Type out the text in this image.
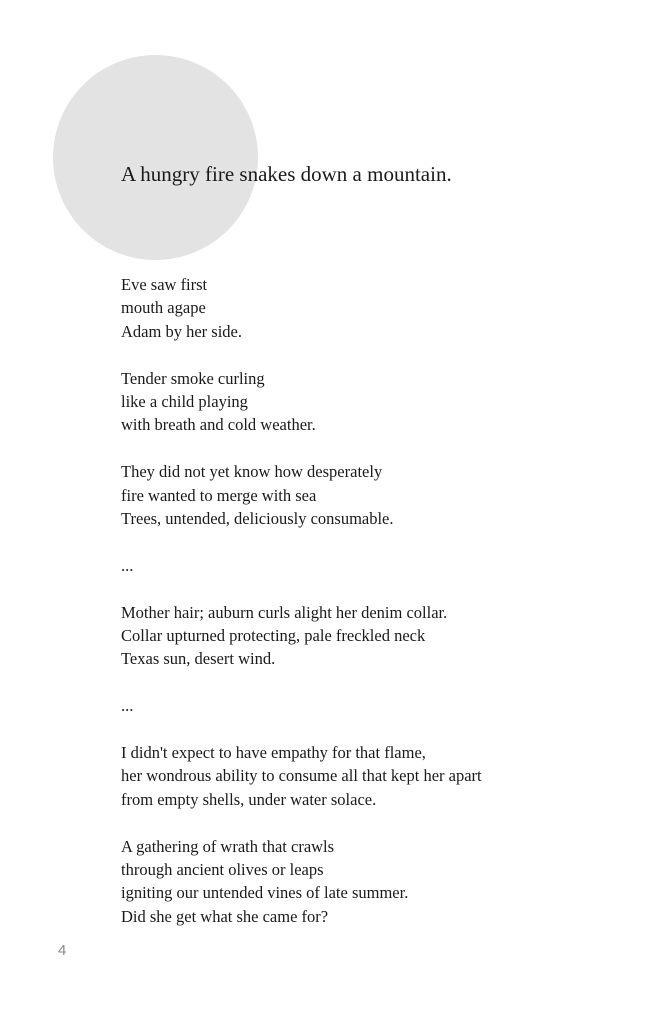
A hungry fire snakes down a mountain.

Eve saw first
mouth agape
Adam by her side.

Tender smoke curling
like a child playing
with breath and cold weather.

They did not yet know how desperately
fire wanted to merge with sea
Trees, untended, deliciously consumable.

...

Mother hair; auburn curls alight her denim collar.
Collar upturned protecting, pale freckled neck
Texas sun, desert wind.

...

I didn't expect to have empathy for that flame,
her wondrous ability to consume all that kept her apart
from empty shells, under water solace.

A gathering of wrath that crawls
through ancient olives or leaps
igniting our untended vines of late summer.
Did she get what she came for?

4
